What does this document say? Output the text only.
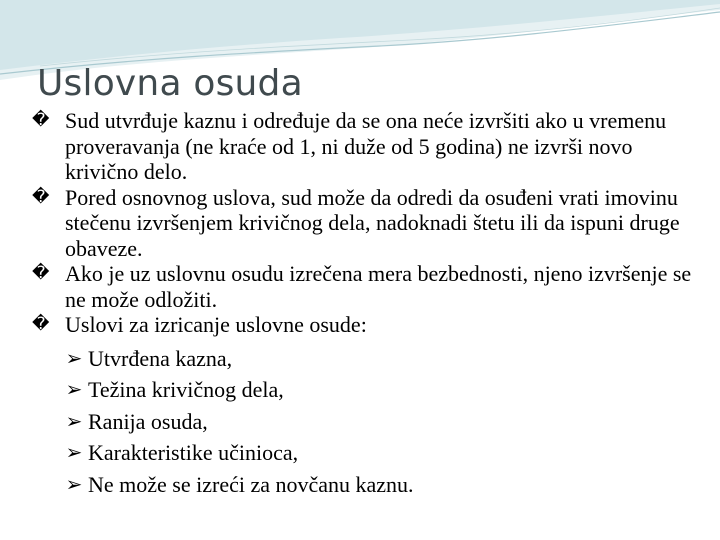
Uslovna osuda
� Sud utvrđuje kaznu i određuje da se ona neće izvršiti ako u vremenu proveravanja (ne kraće od 1, ni duže od 5 godina) ne izvrši novo krivično delo.
� Pored osnovnog uslova, sud može da odredi da osuđeni vrati imovinu stečenu izvršenjem krivičnog dela, nadoknadi štetu ili da ispuni druge obaveze.
� Ako je uz uslovnu osudu izrečena mera bezbednosti, njeno izvršenje se ne može odložiti.
� Uslovi za izricanje uslovne osude:
➢ Utvrđena kazna,
➢ Težina krivičnog dela,
➢ Ranija osuda,
➢ Karakteristike učinioca,
➢ Ne može se izreći za novčanu kaznu.
